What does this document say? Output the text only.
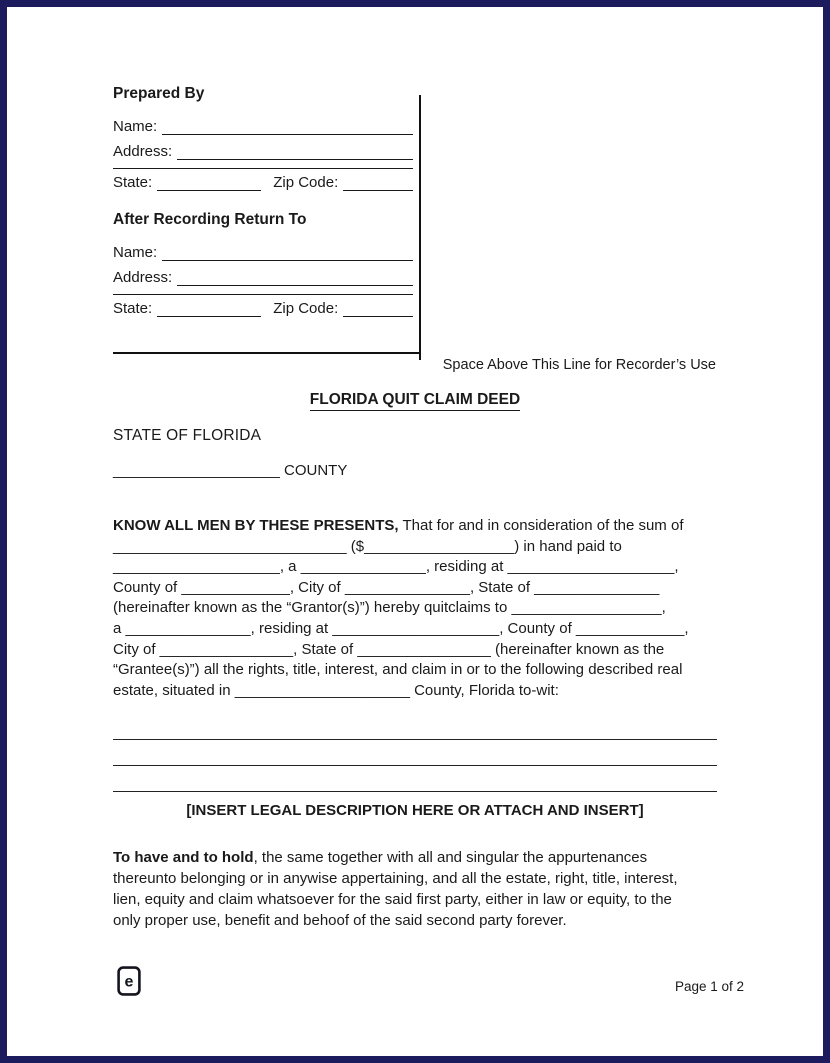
Prepared By
Name:
Address:
State:	Zip Code:
After Recording Return To
Name:
Address:
State:	Zip Code:
Space Above This Line for Recorder’s Use
FLORIDA QUIT CLAIM DEED
STATE OF FLORIDA
____________________ COUNTY
KNOW ALL MEN BY THESE PRESENTS, That for and in consideration of the sum of
____________________________ ($__________________) in hand paid to
____________________, a _______________, residing at ____________________,
County of _____________, City of _______________, State of _______________
(hereinafter known as the “Grantor(s)”) hereby quitclaims to __________________,
a _______________, residing at ____________________, County of _____________,
City of ________________, State of ________________ (hereinafter known as the
“Grantee(s)”) all the rights, title, interest, and claim in or to the following described real
estate, situated in _____________________ County, Florida to-wit:
[INSERT LEGAL DESCRIPTION HERE OR ATTACH AND INSERT]
To have and to hold, the same together with all and singular the appurtenances
thereunto belonging or in anywise appertaining, and all the estate, right, title, interest,
lien, equity and claim whatsoever for the said first party, either in law or equity, to the
only proper use, benefit and behoof of the said second party forever.
e	Page 1 of 2
